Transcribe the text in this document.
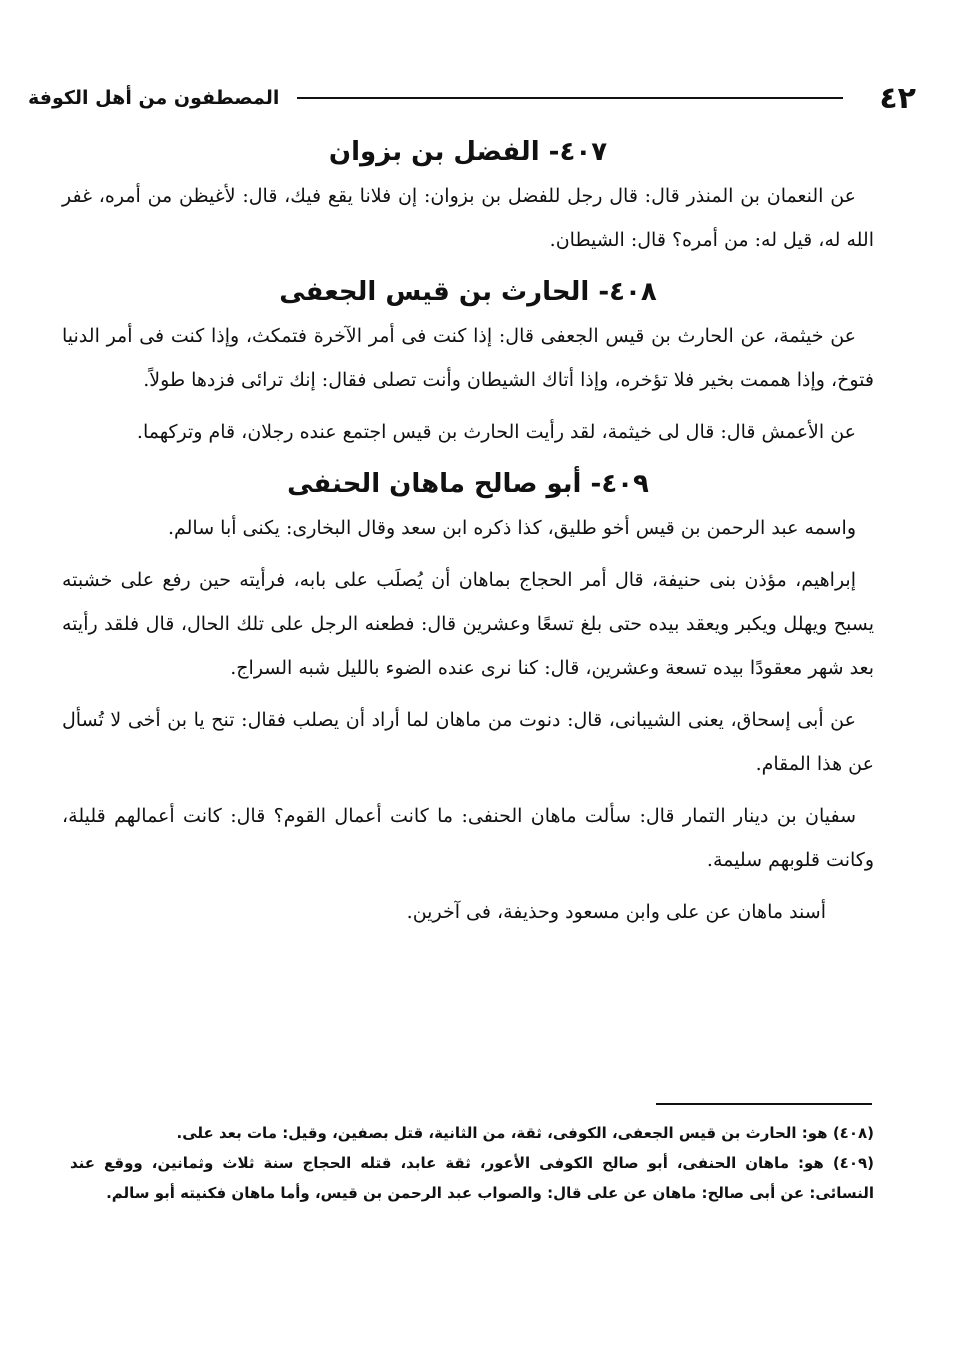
٤٢
المصطفون من أهل الكوفة
٤٠٧- الفضل بن بزوان

عن النعمان بن المنذر قال: قال رجل للفضل بن بزوان: إن فلانا يقع فيك، قال: لأغيظن من أمره، غفر الله له، قيل له: من أمره؟ قال: الشيطان.

٤٠٨- الحارث بن قيس الجعفى

عن خيثمة، عن الحارث بن قيس الجعفى قال: إذا كنت فى أمر الآخرة فتمكث، وإذا كنت فى أمر الدنيا فتوخ، وإذا هممت بخير فلا تؤخره، وإذا أتاك الشيطان وأنت تصلى فقال: إنك ترائى فزدها طولاً.

عن الأعمش قال: قال لى خيثمة، لقد رأيت الحارث بن قيس اجتمع عنده رجلان، قام وتركهما.

٤٠٩- أبو صالح ماهان الحنفى

واسمه عبد الرحمن بن قيس أخو طليق، كذا ذكره ابن سعد وقال البخارى: يكنى أبا سالم.

إبراهيم، مؤذن بنى حنيفة، قال أمر الحجاج بماهان أن يُصلَب على بابه، فرأيته حين رفع على خشبته يسبح ويهلل ويكبر ويعقد بيده حتى بلغ تسعًا وعشرين قال: فطعنه الرجل على تلك الحال، قال فلقد رأيته بعد شهر معقودًا بيده تسعة وعشرين، قال: كنا نرى عنده الضوء بالليل شبه السراج.

عن أبى إسحاق، يعنى الشيبانى، قال: دنوت من ماهان لما أراد أن يصلب فقال: تنح يا بن أخى لا تُسأل عن هذا المقام.

سفيان بن دينار التمار قال: سألت ماهان الحنفى: ما كانت أعمال القوم؟ قال: كانت أعمالهم قليلة، وكانت قلوبهم سليمة.

أسند ماهان عن على وابن مسعود وحذيفة، فى آخرين.

(٤٠٨) هو: الحارث بن قيس الجعفى، الكوفى، ثقة، من الثانية، قتل بصفين، وقيل: مات بعد على.

(٤٠٩) هو: ماهان الحنفى، أبو صالح الكوفى الأعور، ثقة عابد، قتله الحجاج سنة ثلاث وثمانين، ووقع عند النسائى: عن أبى صالح: ماهان عن على قال: والصواب عبد الرحمن بن قيس، وأما ماهان فكنيته أبو سالم.
